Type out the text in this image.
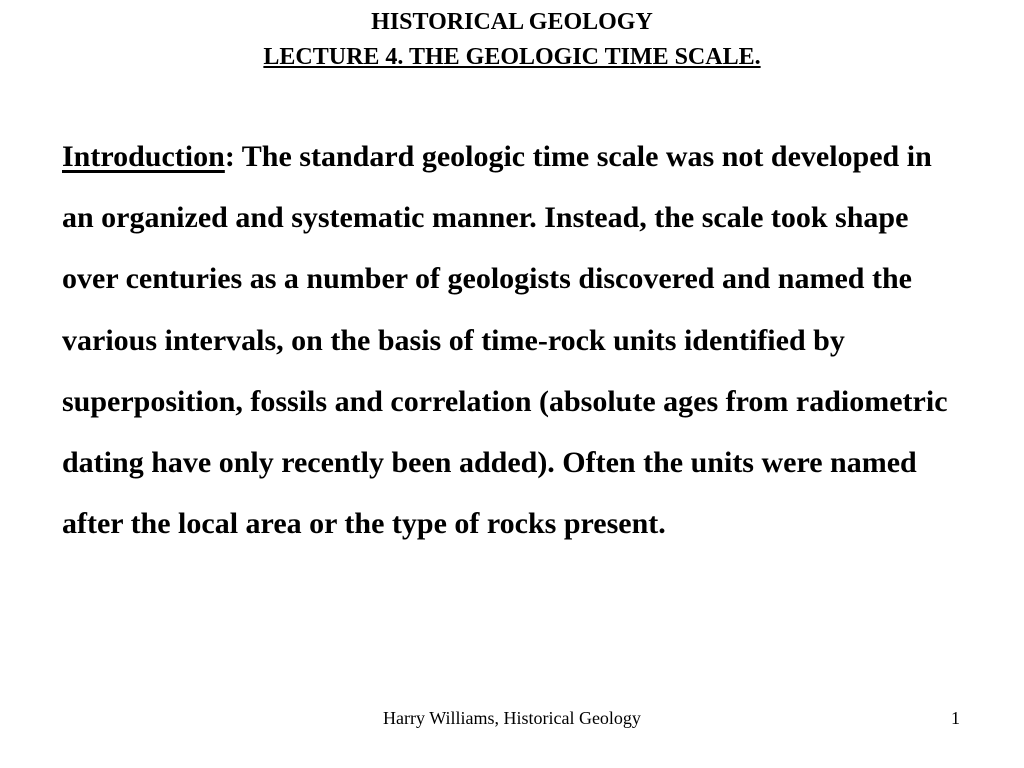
HISTORICAL GEOLOGY
LECTURE 4. THE GEOLOGIC TIME SCALE.
Introduction: The standard geologic time scale was not developed in an organized and systematic manner. Instead, the scale took shape over centuries as a number of geologists discovered and named the various intervals, on the basis of time-rock units identified by superposition, fossils and correlation (absolute ages from radiometric dating have only recently been added). Often the units were named after the local area or the type of rocks present.
Harry Williams, Historical Geology	1
